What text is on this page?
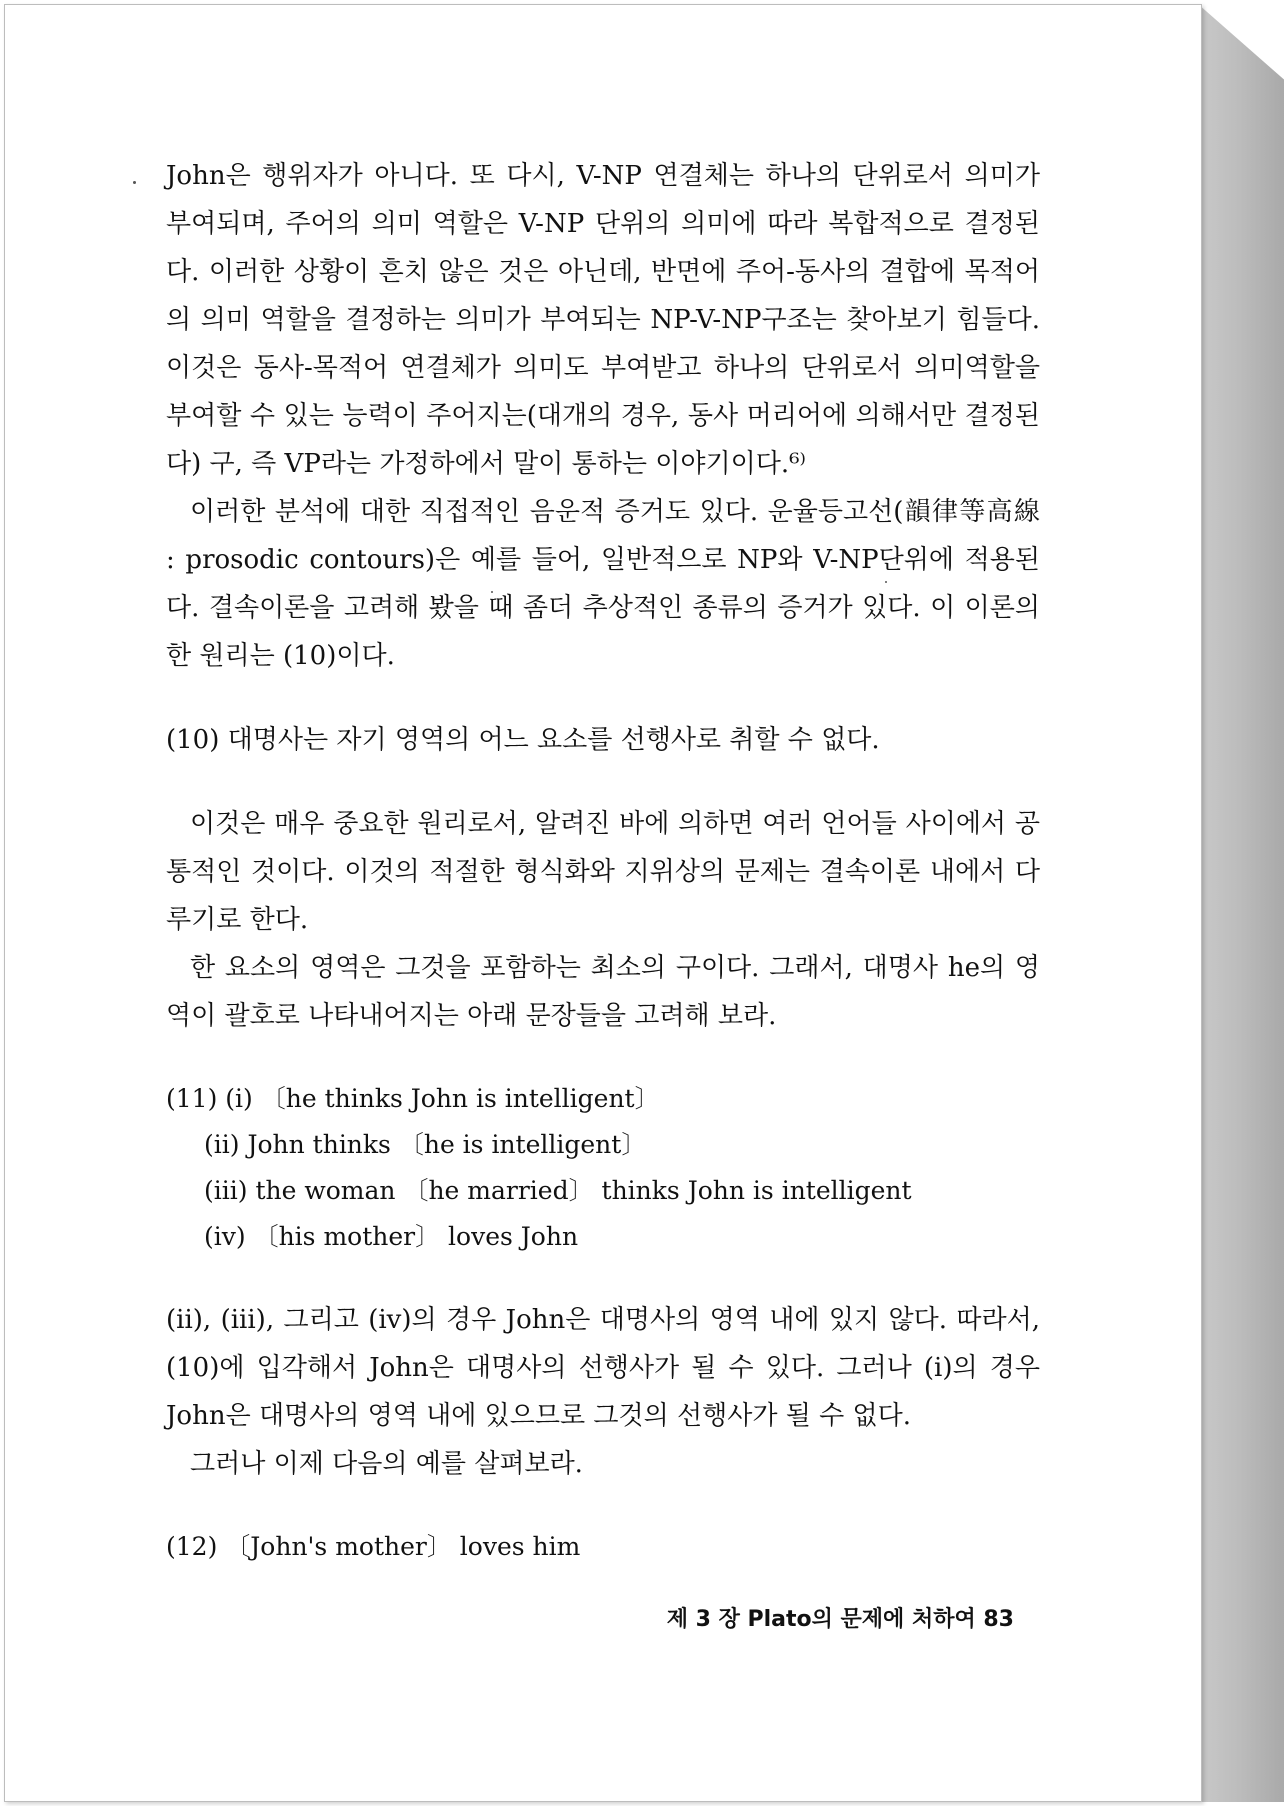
John은 행위자가 아니다. 또 다시, V-NP 연결체는 하나의 단위로서 의미가 부여되며, 주어의 의미 역할은 V-NP 단위의 의미에 따라 복합적으로 결정된다. 이러한 상황이 흔치 않은 것은 아닌데, 반면에 주어-동사의 결합에 목적어의 의미 역할을 결정하는 의미가 부여되는 NP-V-NP구조는 찾아보기 힘들다. 이것은 동사-목적어 연결체가 의미도 부여받고 하나의 단위로서 의미역할을 부여할 수 있는 능력이 주어지는(대개의 경우, 동사 머리어에 의해서만 결정된다) 구, 즉 VP라는 가정하에서 말이 통하는 이야기이다.⁶⁾

이러한 분석에 대한 직접적인 음운적 증거도 있다. 운율등고선(韻律等高線 : prosodic contours)은 예를 들어, 일반적으로 NP와 V-NP단위에 적용된다. 결속이론을 고려해 봤을 때 좀더 추상적인 종류의 증거가 있다. 이 이론의 한 원리는 (10)이다.

(10) 대명사는 자기 영역의 어느 요소를 선행사로 취할 수 없다.

이것은 매우 중요한 원리로서, 알려진 바에 의하면 여러 언어들 사이에서 공통적인 것이다. 이것의 적절한 형식화와 지위상의 문제는 결속이론 내에서 다루기로 한다.

한 요소의 영역은 그것을 포함하는 최소의 구이다. 그래서, 대명사 he의 영역이 괄호로 나타내어지는 아래 문장들을 고려해 보라.

(11) (i) 〔he thinks John is intelligent〕
(ii) John thinks 〔he is intelligent〕
(iii) the woman 〔he married〕 thinks John is intelligent
(iv) 〔his mother〕 loves John

(ii), (iii), 그리고 (iv)의 경우 John은 대명사의 영역 내에 있지 않다. 따라서, (10)에 입각해서 John은 대명사의 선행사가 될 수 있다. 그러나 (i)의 경우 John은 대명사의 영역 내에 있으므로 그것의 선행사가 될 수 없다.

그러나 이제 다음의 예를 살펴보라.

(12) 〔John's mother〕 loves him

제 3 장 Plato의 문제에 처하여 83
